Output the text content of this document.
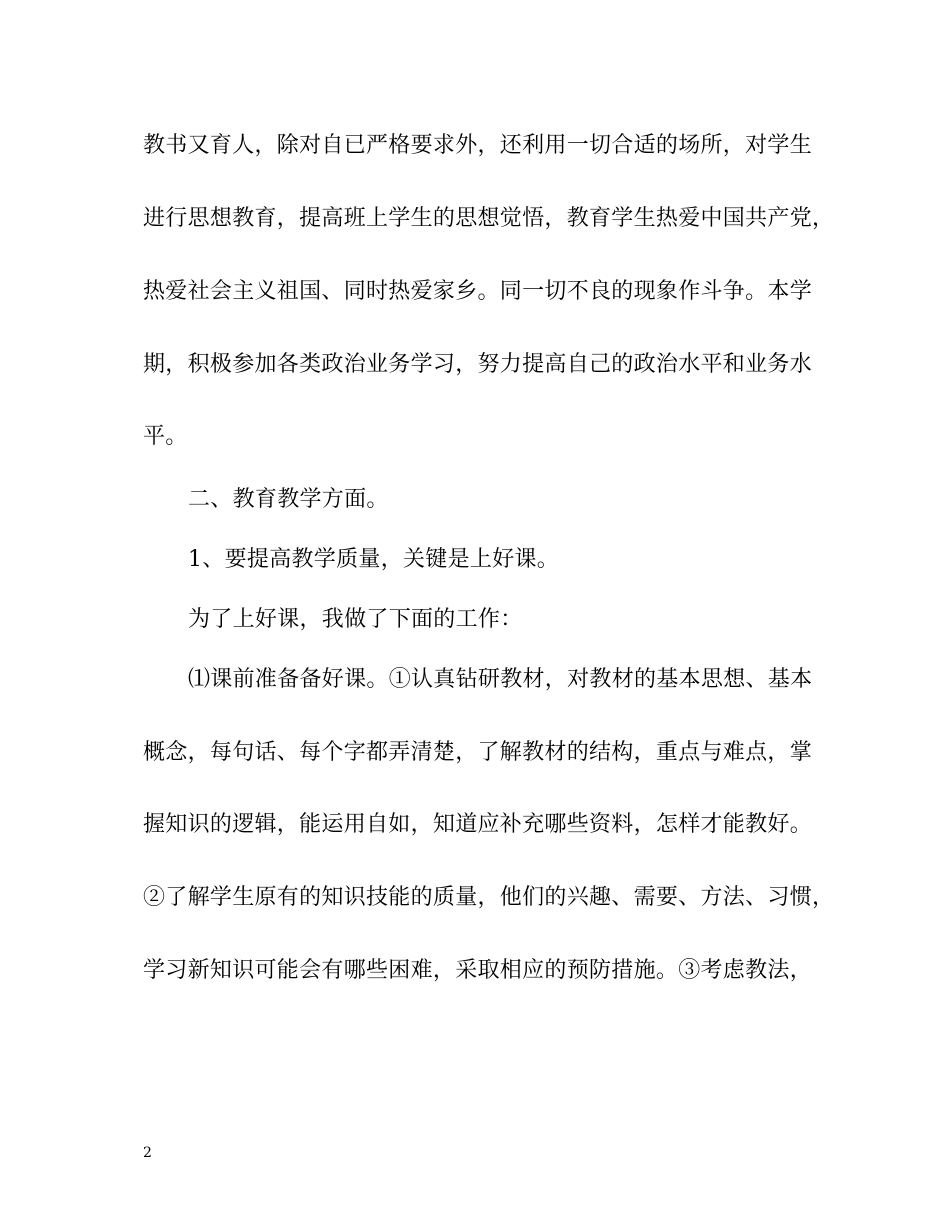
教书又育人，除对自已严格要求外，还利用一切合适的场所，对学生
进行思想教育，提高班上学生的思想觉悟，教育学生热爱中国共产党，
热爱社会主义祖国、同时热爱家乡。同一切不良的现象作斗争。本学
期，积极参加各类政治业务学习，努力提高自己的政治水平和业务水
平。
二、教育教学方面。
1、要提高教学质量，关键是上好课。
为了上好课，我做了下面的工作：
⑴课前准备备好课。①认真钻研教材，对教材的基本思想、基本
概念，每句话、每个字都弄清楚，了解教材的结构，重点与难点，掌
握知识的逻辑，能运用自如，知道应补充哪些资料，怎样才能教好。
②了解学生原有的知识技能的质量，他们的兴趣、需要、方法、习惯，
学习新知识可能会有哪些困难，采取相应的预防措施。③考虑教法，
2
